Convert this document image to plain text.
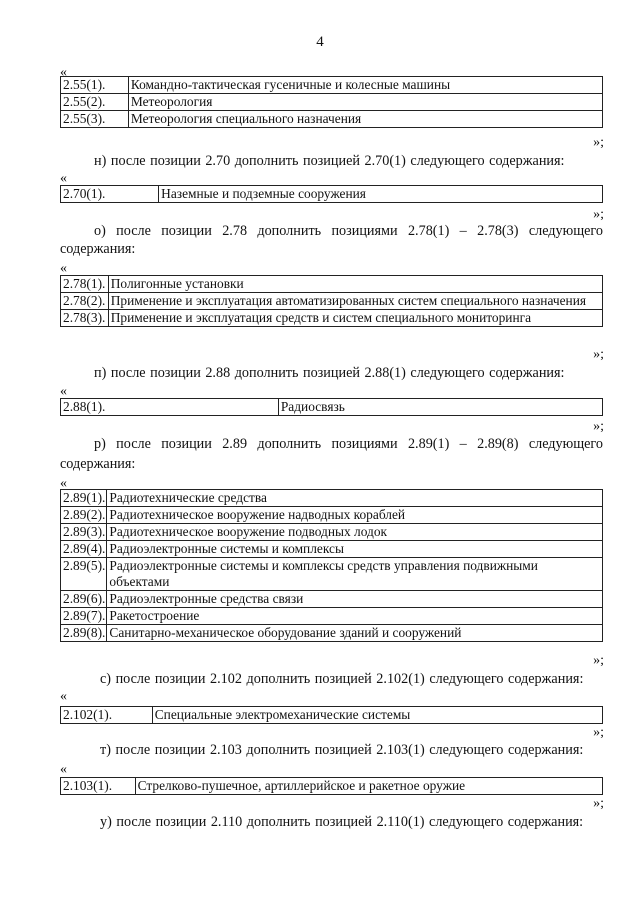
4
«
2.55(1).	Командно-тактическая гусеничные и колесные машины
2.55(2).	Метеорология
2.55(3).	Метеорология специального назначения
»;
н) после позиции 2.70 дополнить позицией 2.70(1) следующего содержания:
«
2.70(1).	Наземные и подземные сооружения
»;
о) после позиции 2.78 дополнить позициями 2.78(1) – 2.78(3) следующего
содержания:
«
2.78(1).	Полигонные установки
2.78(2).	Применение и эксплуатация автоматизированных систем специального назначения
2.78(3).	Применение и эксплуатация средств и систем специального мониторинга
»;
п) после позиции 2.88 дополнить позицией 2.88(1) следующего содержания:
«
2.88(1).	Радиосвязь
»;
р) после позиции 2.89 дополнить позициями 2.89(1) – 2.89(8) следующего
содержания:
«
2.89(1).	Радиотехнические средства
2.89(2).	Радиотехническое вооружение надводных кораблей
2.89(3).	Радиотехническое вооружение подводных лодок
2.89(4).	Радиоэлектронные системы и комплексы
2.89(5).	Радиоэлектронные системы и комплексы средств управления подвижными объектами
2.89(6).	Радиоэлектронные средства связи
2.89(7).	Ракетостроение
2.89(8).	Санитарно-механическое оборудование зданий и сооружений
»;
с) после позиции 2.102 дополнить позицией 2.102(1) следующего содержания:
«
2.102(1).	Специальные электромеханические системы
»;
т) после позиции 2.103 дополнить позицией 2.103(1) следующего содержания:
«
2.103(1).	Стрелково-пушечное, артиллерийское и ракетное оружие
»;
у) после позиции 2.110 дополнить позицией 2.110(1) следующего содержания:
